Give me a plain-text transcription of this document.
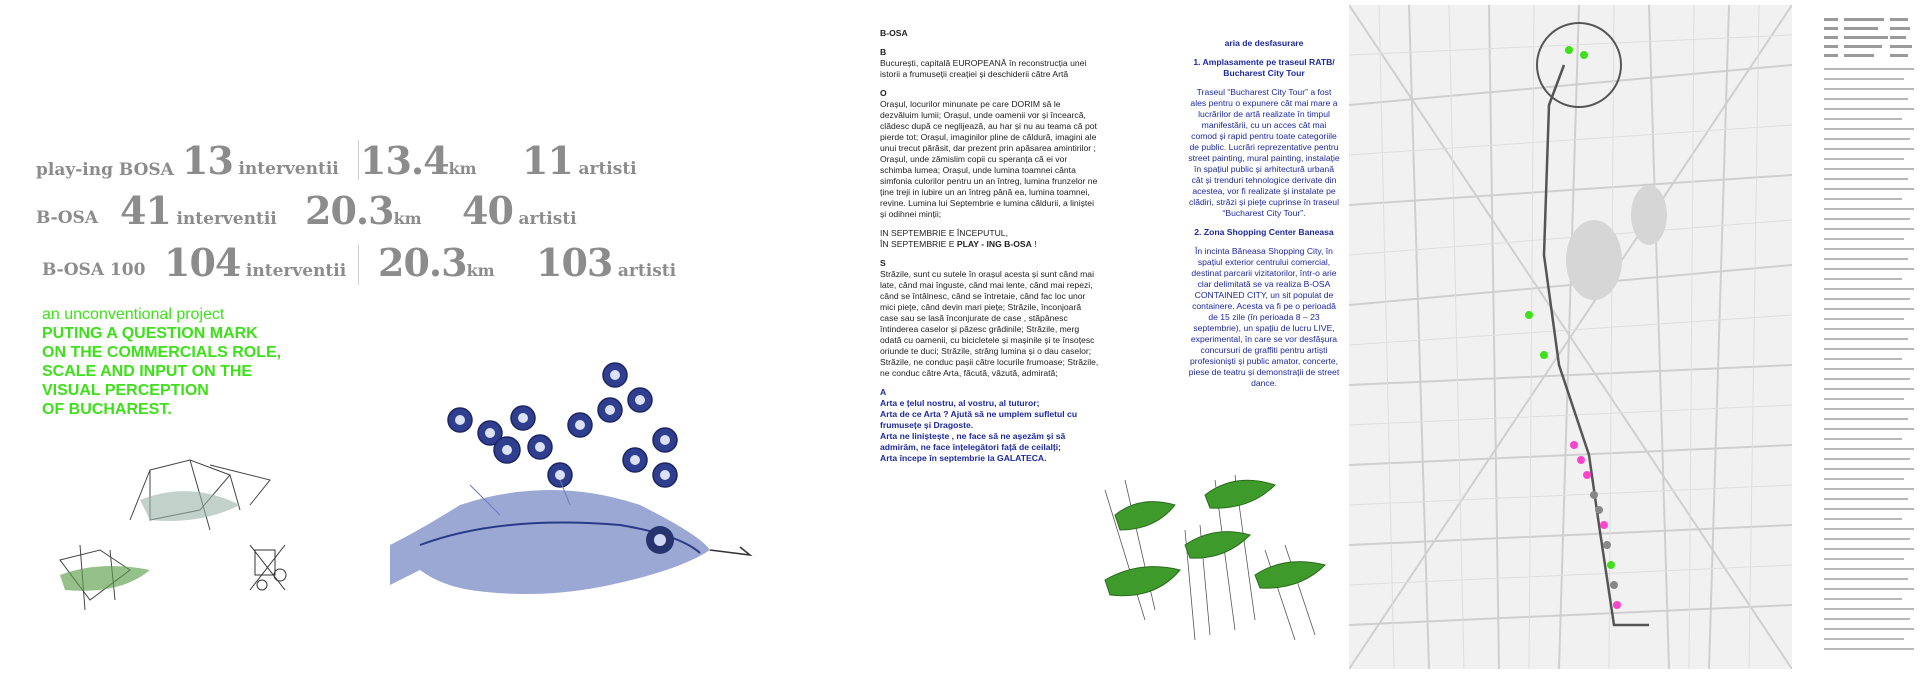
play-ing BOSA 13 interventii 13.4km 11 artisti
B-OSA 41 interventii 20.3km 40 artisti
B-OSA 100 104 interventii 20.3km 103 artisti
an unconventional project
PUTING A QUESTION MARK
ON THE COMMERCIALS ROLE,
SCALE AND INPUT ON THE
VISUAL PERCEPTION
OF BUCHAREST.

B-OSA

B
București, capitală EUROPEANĂ în reconstrucția unei istorii a frumuseții creației și deschiderii către Artă

O
Orașul, locurilor minunate pe care DORIM să le dezvăluim lumii; Orașul, unde oamenii vor și încearcă, clădesc după ce neglijează, au har și nu au teama că pot pierde tot; Orașul, imaginilor pline de căldură, imagini ale unui trecut părăsit, dar prezent prin apăsarea amintirilor ; Orașul, unde zămislim copii cu speranța că ei vor schimba lumea; Orașul, unde lumina toamnei cânta simfonia culorilor pentru un an întreg, lumina frunzelor ne ține treji in iubire un an întreg până ea, lumina toamnei, revine. Lumina lui Septembrie e lumina căldurii, a liniștei și odihnei minții;

IN SEPTEMBRIE E ÎNCEPUTUL,
ÎN SEPTEMBRIE E PLAY - ING B-OSA !

S
Străzile, sunt cu sutele în orașul acesta și sunt când mai late, când mai înguste, când mai lente, când mai repezi, când se întâlnesc, când se întretaie, când fac loc unor mici piețe, când devin mari piețe; Străzile, înconjoară case sau se lasă înconjurate de case , stăpânesc întinderea caselor și păzesc grădinile; Străzile, merg odată cu oamenii, cu bicicletele și mașinile și te însoțesc oriunde te duci; Străzile, strâng lumina și o dau caselor; Străzile, ne conduc pașii către locurile frumoase; Străzile, ne conduc către Arta, făcută, văzută, admirată;

A
Arta e țelul nostru, al vostru, al tuturor;
Arta de ce Arta ? Ajută să ne umplem sufletul cu frumusețe și Dragoste.
Arta ne liniștește , ne face să ne așezăm și să admirăm, ne face înțelegători față de ceilalți;
Arta începe în septembrie la GALATECA.

aria de desfasurare

1. Amplasamente pe traseul RATB/ Bucharest City Tour

Traseul “Bucharest City Tour” a fost ales pentru o expunere cât mai mare a lucrărilor de artă realizate în timpul manifestării, cu un acces cât mai comod și rapid pentru toate categoriile de public. Lucrări reprezentative pentru street painting, mural painting, instalație în spațiul public și arhitectură urbană cât și trenduri tehnologice derivate din acestea, vor fi realizate și instalate pe clădiri, străzi și piețe cuprinse în traseul “Bucharest City Tour”.

2. Zona Shopping Center Baneasa

În incinta Băneasa Shopping City, în spațiul exterior centrului comercial, destinat parcarii vizitatorilor, într-o arie clar delimitată se va realiza B-OSA CONTAINED CITY, un sit populat de containere. Acesta va fi pe o perioadă de 15 zile (în perioada 8 – 23 septembrie), un spațiu de lucru LIVE, experimental, în care se vor desfășura concursuri de graffiti pentru artiști profesioniști și public amator, concerte, piese de teatru și demonstrații de street dance.
